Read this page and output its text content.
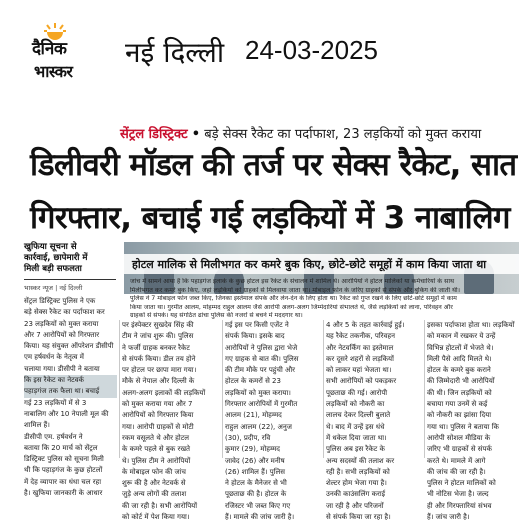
दैनिक
भास्कर
नई दिल्ली 24-03-2025
सेंट्रल डिस्ट्रिक्ट • बड़े सेक्स रैकेट का पर्दाफाश, 23 लड़कियों को मुक्त कराया
डिलीवरी मॉडल की तर्ज पर सेक्स रैकेट, सात
गिरफ्तार, बचाई गई लड़कियों में 3 नाबालिग
खुफिया सूचना से
कार्रवाई, छापेमारी में
मिली बड़ी सफलता
भास्कर न्यूज | नई दिल्ली
होटल मालिक से मिलीभगत कर कमरे बुक किए, छोटे-छोटे समूहों में काम किया जाता था

जांच में सामने आया है कि पहाड़गंज इलाके के कुछ होटल इस रैकेट के संचालन में शामिल थे। आरोपियों ने होटल मालिकों या कर्मचारियों के साथ

मिलीभगत कर कमरे बुक किए, जहां लड़कियों को ग्राहकों से मिलवाया जाता था। मोबाइल फोन के जरिए ग्राहकों से संपर्क और बुकिंग की जाती थी।

पुलिस ने 7 मोबाइल फोन जब्त किए, जिनका इस्तेमाल संपर्क और लेन-देन के लिए होता था। रैकेट को गुप्त रखने के लिए छोटे-छोटे समूहों में काम

किया जाता था। गुरमीत आलम, मोहम्मद राहुल आलम जैसे आरोपी अलग-अलग जिम्मेदारियां संभालते थे, जैसे लड़कियों को लाना, परिवहन और

ग्राहकों से संपर्क। यह संगठित ढांचा पुलिस की नजरों से बचने में मददगार था।

सेंट्रल डिस्ट्रिक्ट पुलिस ने एक

बड़े सेक्स रैकेट का पर्दाफाश कर

23 लड़कियों को मुक्त कराया

और 7 आरोपियों को गिरफ्तार

किया। यह संयुक्त ऑपरेशन डीसीपी

एम हर्षवर्धन के नेतृत्व में

चलाया गया। डीसीपी ने बताया

कि इस रैकेट का नेटवर्क

पहाड़गंज तक फैला था। बचाई

गई 23 लड़कियों में से 3

नाबालिग और 10 नेपाली मूल की

शामिल हैं।

डीसीपी एम. हर्षवर्धन ने

बताया कि 20 मार्च को सेंट्रल

डिस्ट्रिक्ट पुलिस को सूचना मिली

थी कि पहाड़गंज के कुछ होटलों

में देह व्यापार का धंधा चल रहा

है। खुफिया जानकारी के आधार

पर इंस्पेक्टर सुखदेव सिंह की

टीम ने जांच शुरू की। पुलिस

ने फर्जी ग्राहक बनकर रैकेट

से संपर्क किया। डील तय होने

पर होटल पर छापा मारा गया।

मौके से नेपाल और दिल्ली के

अलग-अलग इलाकों की लड़कियों

को मुक्त कराया गया और 7

आरोपियों को गिरफ्तार किया

गया। आरोपी ग्राहकों से मोटी

रकम वसूलते थे और होटल

के कमरे पहले से बुक रखते

थे। पुलिस टीम ने आरोपियों

के मोबाइल फोन की जांच

शुरू की है और नेटवर्क से

जुड़े अन्य लोगों की तलाश

की जा रही है। सभी आरोपियों

को कोर्ट में पेश किया गया।

गई इस पर किसी एजेंट ने

संपर्क किया। इसके बाद

आरोपियों ने पुलिस द्वारा भेजे

गए ग्राहक से बात की। पुलिस

की टीम मौके पर पहुंची और

होटल के कमरों से 23

लड़कियों को मुक्त कराया।

गिरफ्तार आरोपियों में गुरमीत

आलम (21), मोहम्मद

राहुल आलम (22), अनुज

(30), प्रदीप, रवि

कुमार (29), मोहम्मद

जावेद (26) और मनीष

(26) शामिल हैं। पुलिस

ने होटल के मैनेजर से भी

पूछताछ की है। होटल के

रजिस्टर भी जब्त किए गए

हैं। मामले की जांच जारी है।

4 और 5 के तहत कार्रवाई हुई।

यह रैकेट तकनीक, परिवहन

और नेटवर्किंग का इस्तेमाल

कर दूसरे शहरों से लड़कियों

को लाकर यहां भेजता था।

सभी आरोपियों को पकड़कर

पूछताछ की गई। आरोपी

लड़कियों को नौकरी का

लालच देकर दिल्ली बुलाते

थे। बाद में उन्हें इस धंधे

में धकेल दिया जाता था।

पुलिस अब इस रैकेट के

अन्य सदस्यों की तलाश कर

रही है। सभी लड़कियों को

शेल्टर होम भेजा गया है।

उनकी काउंसलिंग कराई

जा रही है और परिजनों

से संपर्क किया जा रहा है।

इसका पर्दाफाश होता था। लड़कियों

को मकान में रखकर ये उन्हें

विभिन्न होटलों में भेजते थे।

मिली पैसे आदि मिलते थे।

होटल के कमरे बुक कराने

की जिम्मेदारी भी आरोपियों

की थी। जिन लड़कियों को

बचाया गया उनमें से कई

को नौकरी का झांसा दिया

गया था। पुलिस ने बताया कि

आरोपी सोशल मीडिया के

जरिए भी ग्राहकों से संपर्क

करते थे। मामले में आगे

की जांच की जा रही है।

पुलिस ने होटल मालिकों को

भी नोटिस भेजा है। जल्द

ही और गिरफ्तारियां संभव

हैं। जांच जारी है।
